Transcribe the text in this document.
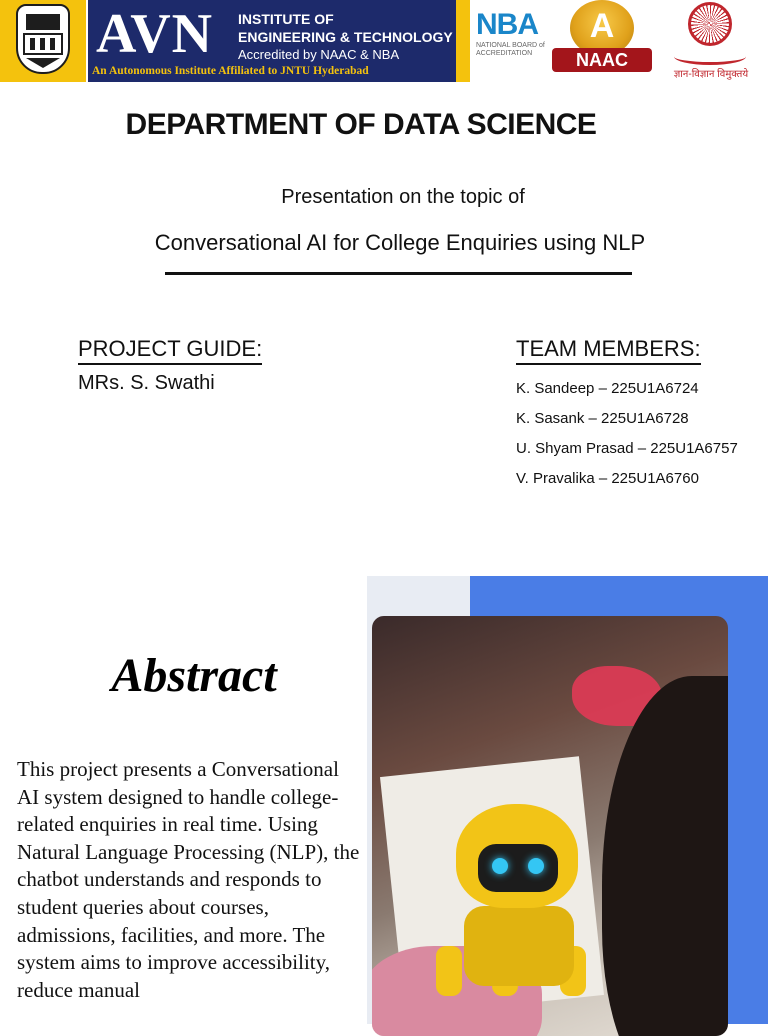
AVN INSTITUTE OF
ENGINEERING & TECHNOLOGY
Accredited by NAAC & NBA
An Autonomous Institute Affiliated to JNTU Hyderabad
NBA
NATIONAL BOARD of ACCREDITATION
A
NAAC
ज्ञान-विज्ञान विमुक्तये
DEPARTMENT OF DATA SCIENCE
Presentation on the topic of
Conversational AI for College Enquiries using NLP
PROJECT GUIDE:
MRs. S. Swathi
TEAM MEMBERS:
K. Sandeep – 225U1A6724
K. Sasank – 225U1A6728
U. Shyam Prasad – 225U1A6757
V. Pravalika – 225U1A6760
Abstract
This project presents a Conversational AI system designed to handle college-related enquiries in real time. Using Natural Language Processing (NLP), the chatbot understands and responds to student queries about courses, admissions, facilities, and more. The system aims to improve accessibility, reduce manual
